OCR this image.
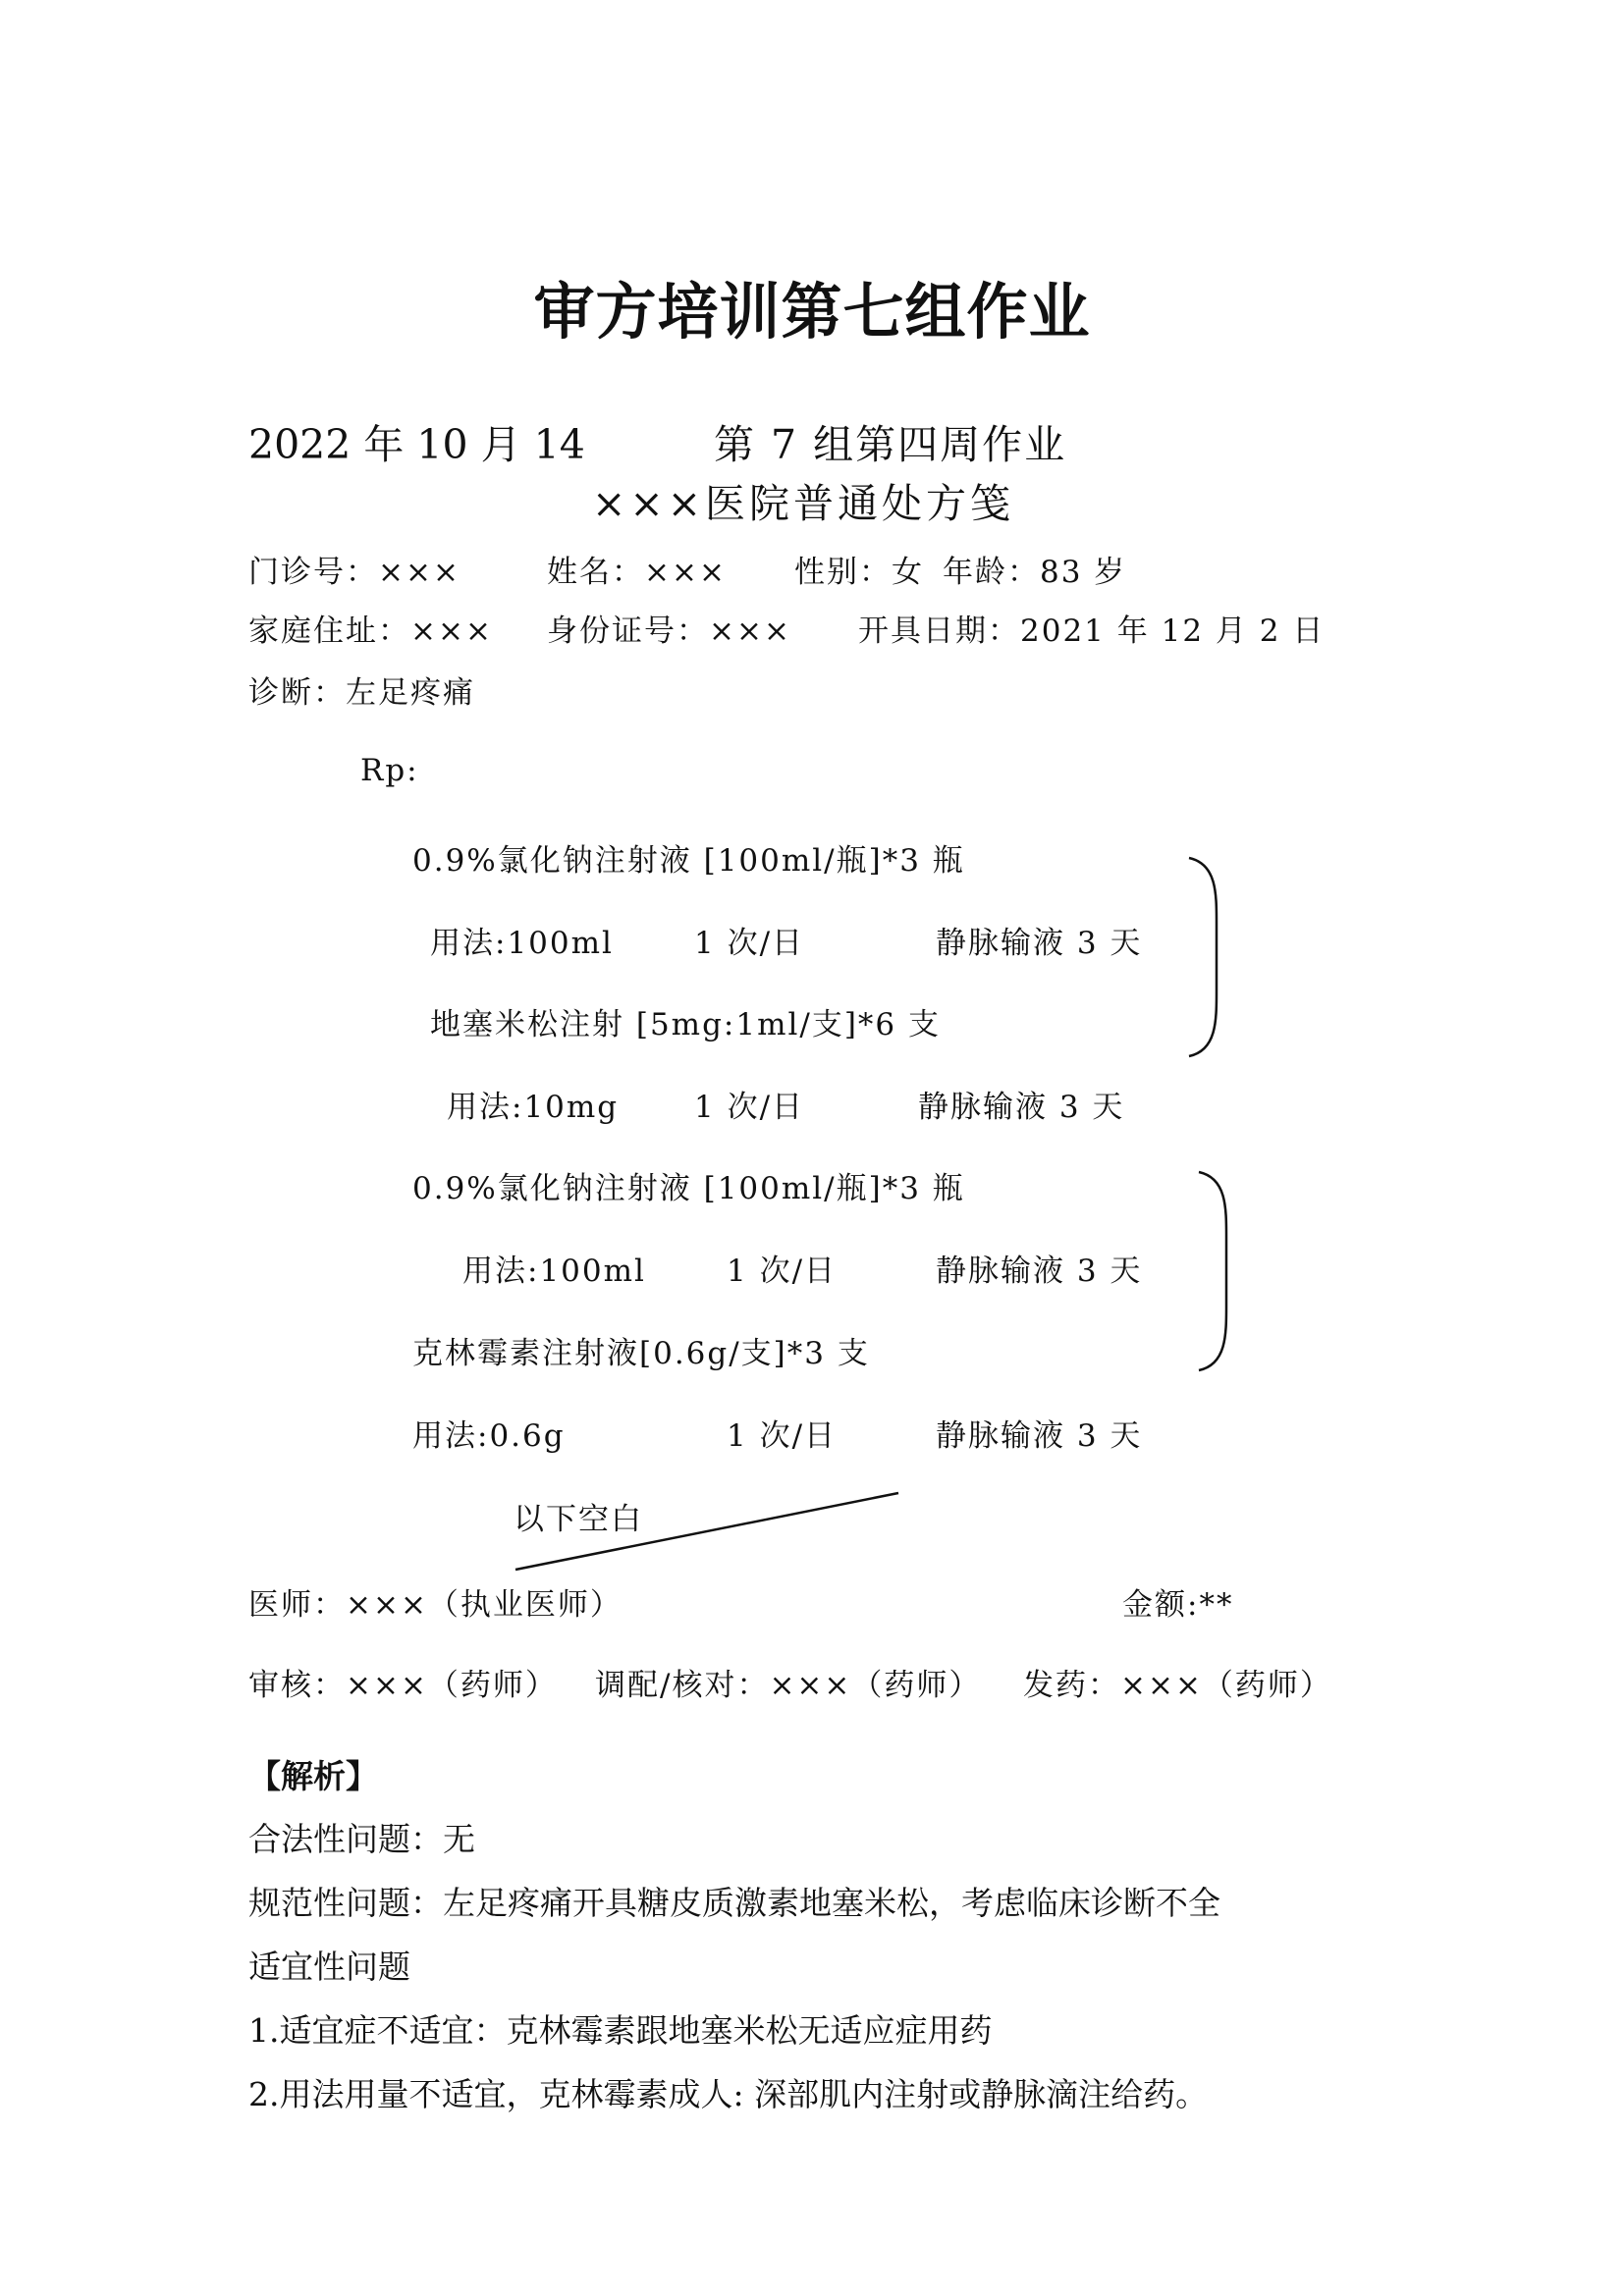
审方培训第七组作业
2022 年 10 月 14	第 7 组第四周作业
×××医院普通处方笺
门诊号：×××	姓名：××× 性别：女 年龄：83 岁
家庭住址：××× 身份证号：××× 开具日期：2021 年 12 月 2 日
诊断：左足疼痛
Rp:
0.9%氯化钠注射液 [100ml/瓶]*3 瓶
用法:100ml	1 次/日	静脉输液 3 天
地塞米松注射 [5mg:1ml/支]*6 支
用法:10mg 1 次/日	静脉输液 3 天
0.9%氯化钠注射液 [100ml/瓶]*3 瓶
用法:100ml	1 次/日	静脉输液 3 天
克林霉素注射液[0.6g/支]*3 支
用法:0.6g	1 次/日	静脉输液 3 天
以下空白
医师：×××（执业医师）	金额:**
审核：×××（药师） 调配/核对：×××（药师） 发药：×××（药师）
【解析】
合法性问题：无
规范性问题：左足疼痛开具糖皮质激素地塞米松，考虑临床诊断不全
适宜性问题
1.适宜症不适宜：克林霉素跟地塞米松无适应症用药
2.用法用量不适宜，克林霉素成人: 深部肌内注射或静脉滴注给药。
